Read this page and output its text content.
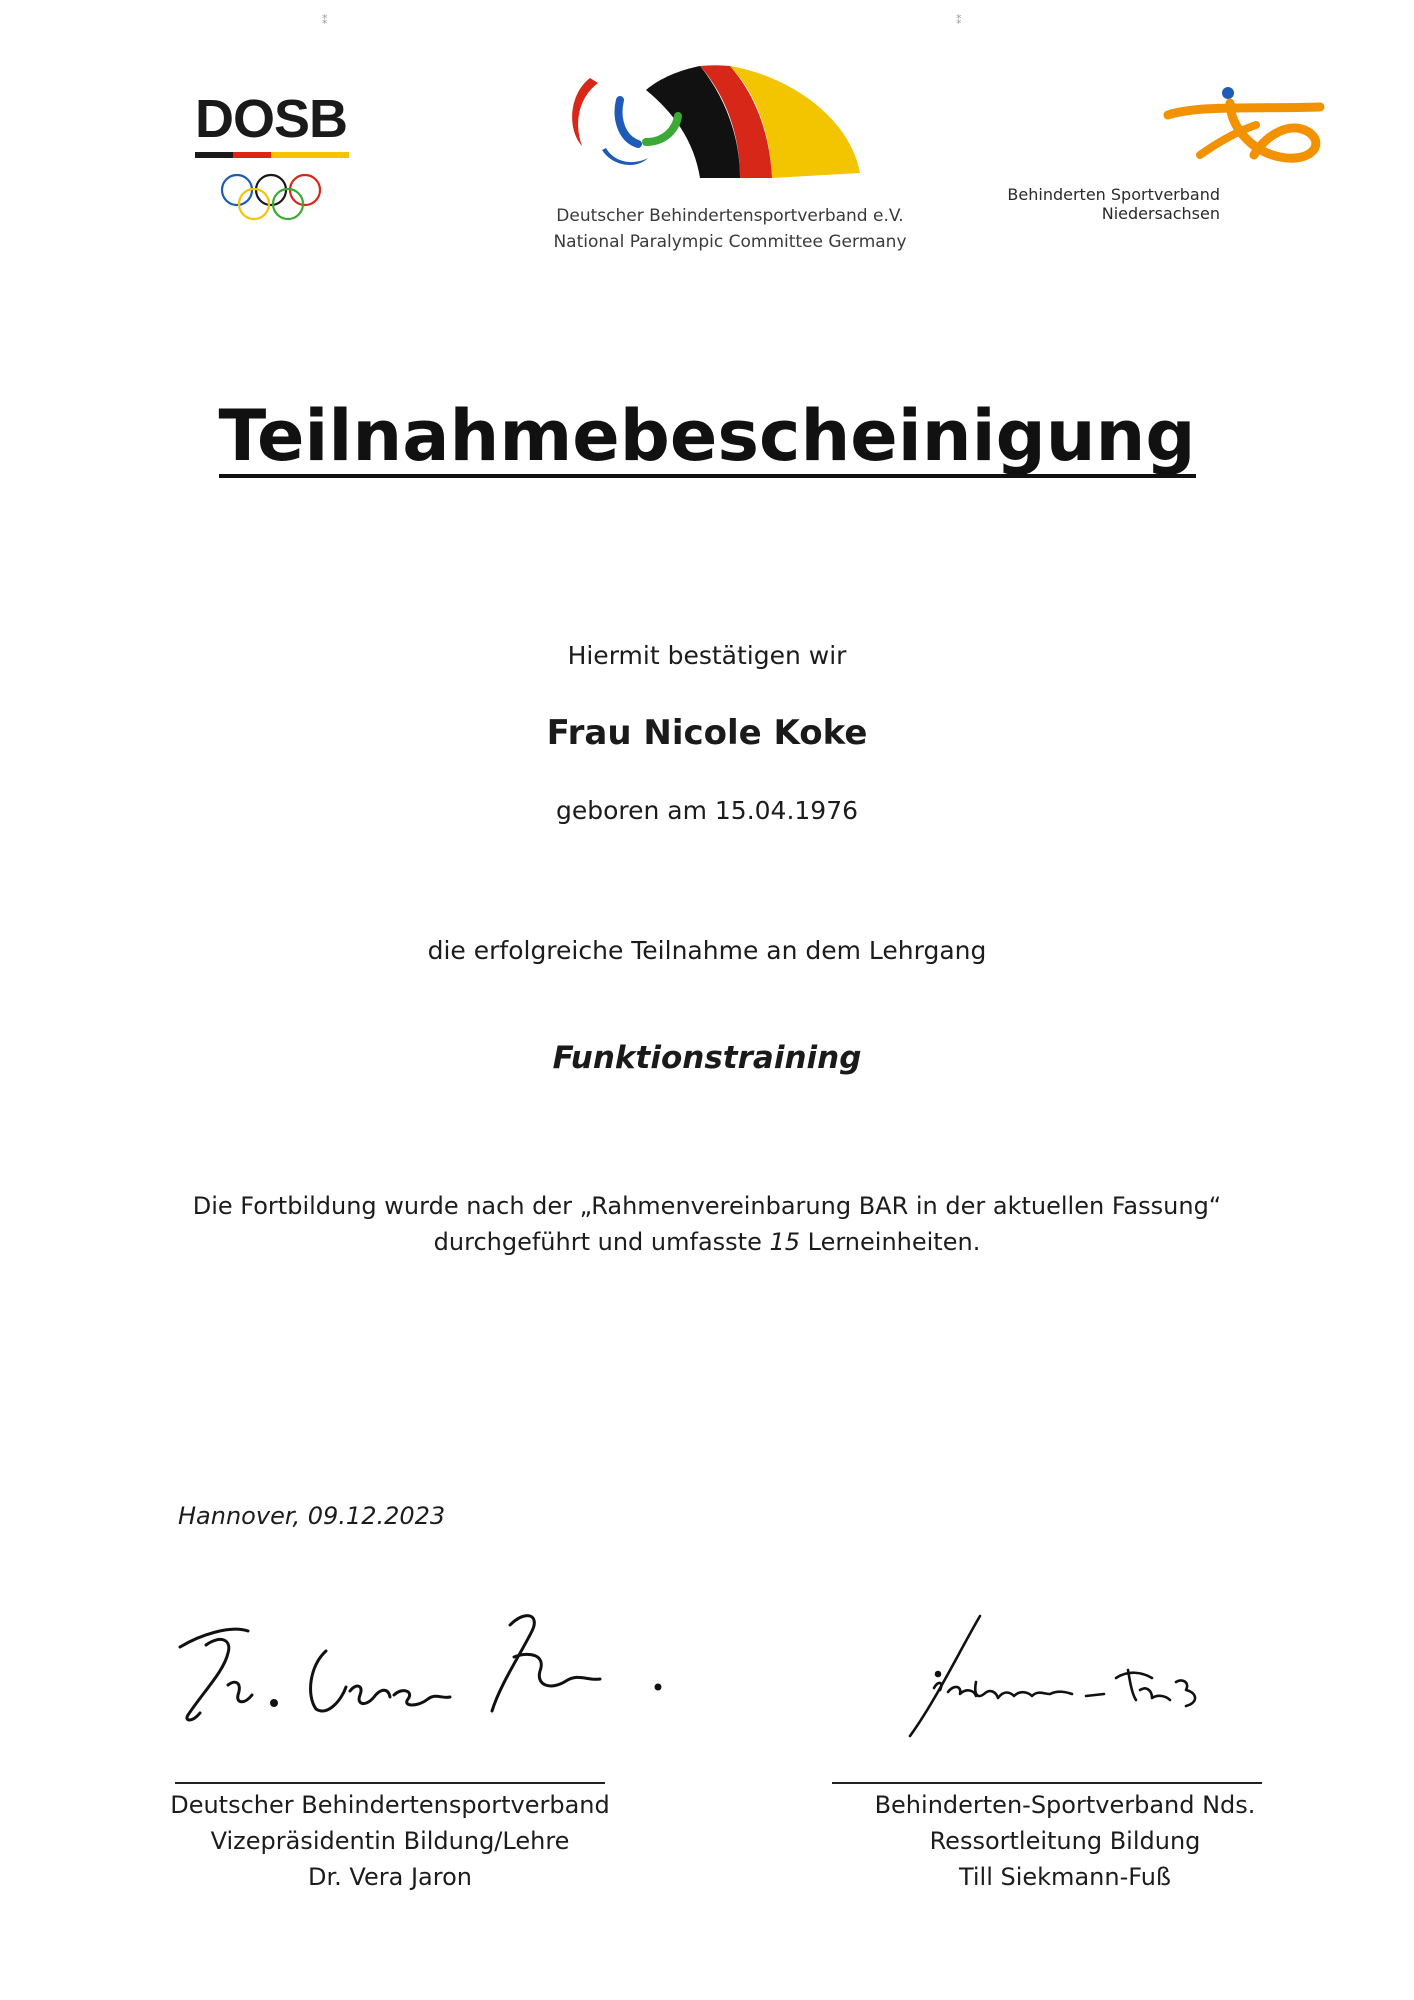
⁑	⁑
DOSB
Deutscher Behindertensportverband e.V.
National Paralympic Committee Germany
Behinderten Sportverband
Niedersachsen
Teilnahmebescheinigung
Hiermit bestätigen wir
Frau Nicole Koke
geboren am 15.04.1976
die erfolgreiche Teilnahme an dem Lehrgang
Funktionstraining
Die Fortbildung wurde nach der „Rahmenvereinbarung BAR in der aktuellen Fassung“
durchgeführt und umfasste 15 Lerneinheiten.
Hannover, 09.12.2023
Deutscher Behindertensportverband
Vizepräsidentin Bildung/Lehre
Dr. Vera Jaron
Behinderten-Sportverband Nds.
Ressortleitung Bildung
Till Siekmann-Fuß
